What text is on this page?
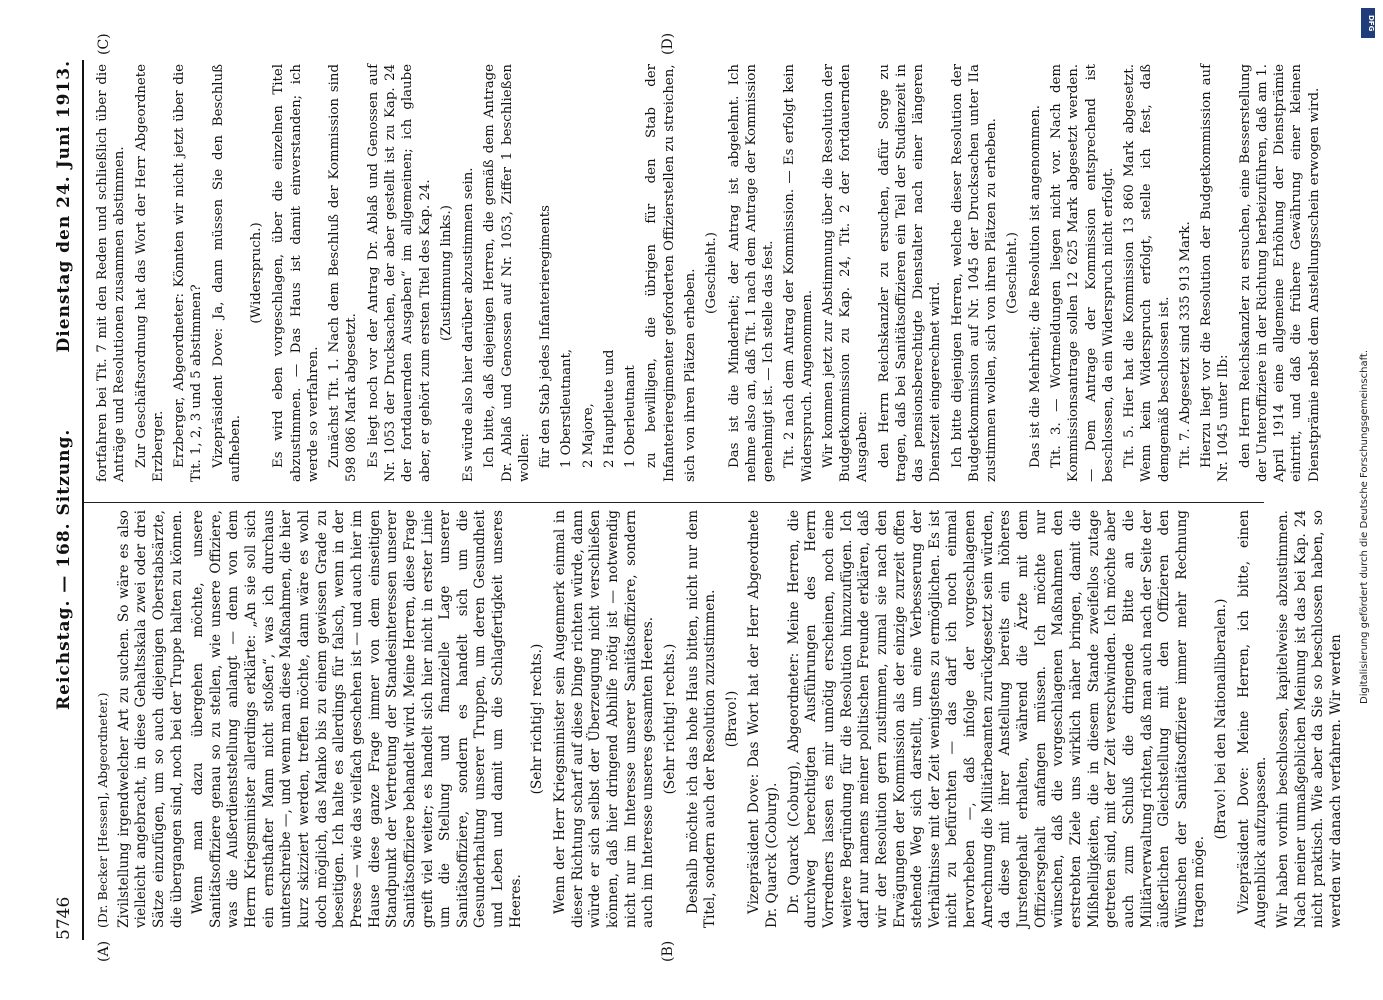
5746
Reichstag. — 168. Sitzung.
Dienstag den 24. Juni 1913.
(A)	(B)
(C)	(D)

(Dr. Becker [Hessen], Abgeordneter.) Zivilstellung irgendwelcher Art zu suchen. So wäre es also vielleicht angebracht, in diese Gehaltsskala zwei oder drei Sätze einzufügen, um so auch diejenigen Oberstabsärzte, die übergangen sind, noch bei der Truppe halten zu können. Wenn man dazu übergehen möchte, unsere Sanitätsoffiziere genau so zu stellen, wie unsere Offiziere, was die Außerdienststellung anlangt — denn von dem Herrn Kriegsminister allerdings erklärte: „An sie soll sich ein ernsthafter Mann nicht stoßen“, was ich durchaus unterschreibe —, und wenn man diese Maßnahmen, die hier kurz skizziert werden, treffen möchte, dann wäre es wohl doch möglich, das Manko bis zu einem gewissen Grade zu beseitigen. Ich halte es allerdings für falsch, wenn in der Presse — wie das vielfach geschehen ist — und auch hier im Hause diese ganze Frage immer von dem einseitigen Standpunkt der Vertretung der Standesinteressen unserer Sanitätsoffiziere behandelt wird. Meine Herren, diese Frage greift viel weiter; es handelt sich hier nicht in erster Linie um die Stellung und finanzielle Lage unserer Sanitätsoffiziere, sondern es handelt sich um die Gesunderhaltung unserer Truppen, um deren Gesundheit und Leben und damit um die Schlagfertigkeit unseres Heeres.

(Sehr richtig! rechts.) Wenn der Herr Kriegsminister sein Augenmerk einmal in dieser Richtung scharf auf diese Dinge richten würde, dann würde er sich selbst der Überzeugung nicht verschließen können, daß hier dringend Abhilfe nötig ist — notwendig nicht nur im Interesse unserer Sanitätsoffiziere, sondern auch im Interesse unseres gesamten Heeres. (Sehr richtig! rechts.) Deshalb möchte ich das hohe Haus bitten, nicht nur dem Titel, sondern auch der Resolution zuzustimmen. (Bravo!) Vizepräsident Dove: Das Wort hat der Herr Abgeordnete Dr. Quarck (Coburg). Dr. Quarck (Coburg), Abgeordneter: Meine Herren, die durchweg berechtigten Ausführungen des Herrn Vorredners lassen es mir unnötig erscheinen, noch eine weitere Begründung für die Resolution hinzuzufügen. Ich darf nur namens meiner politischen Freunde erklären, daß wir der Resolution gern zustimmen, zumal sie nach den Erwägungen der Kommission als der einzige zurzeit offen stehende Weg sich darstellt, um eine Verbesserung der Verhältnisse mit der Zeit wenigstens zu ermöglichen. Es ist nicht zu befürchten — das darf ich noch einmal hervorheben —, daß infolge der vorgeschlagenen Anrechnung die Militärbeamten zurückgesetzt sein würden, da diese mit ihrer Anstellung bereits ein höheres Jurstengehalt erhalten, während die Ärzte mit dem Offiziersgehalt anfangen müssen. Ich möchte nur wünschen, daß die vorgeschlagenen Maßnahmen den erstrebten Ziele uns wirklich näher bringen, damit die Mißhelligkeiten, die in diesem Stande zweifellos zutage getreten sind, mit der Zeit verschwinden. Ich möchte aber auch zum Schluß die dringende Bitte an die Militärverwaltung richten, daß man auch nach der Seite der äußerlichen Gleichstellung mit den Offizieren den Wünschen der Sanitätsoffiziere immer mehr Rechnung tragen möge.

(Bravo! bei den Nationalliberalen.) Vizepräsident Dove: Meine Herren, ich bitte, einen Augenblick aufzupassen. Wir haben vorhin beschlossen, kapitelweise abzustimmen. Nach meiner unmaßgeblichen Meinung ist das bei Kap. 24 nicht praktisch. Wie aber da Sie so beschlossen haben, so werden wir danach verfahren. Wir werden

fortfahren bei Tit. 7 mit den Reden und schließlich über die Anträge und Resolutionen zusammen abstimmen. Zur Geschäftsordnung hat das Wort der Herr Abgeordnete Erzberger. Erzberger, Abgeordneter: Könnten wir nicht jetzt über die Tit. 1, 2, 3 und 5 abstimmen? Vizepräsident Dove: Ja, dann müssen Sie den Beschluß aufheben.

(Widerspruch.) Es wird eben vorgeschlagen, über die einzelnen Titel abzustimmen. — Das Haus ist damit einverstanden; ich werde so verfahren. Zunächst Tit. 1. Nach dem Beschluß der Kommission sind 598 086 Mark abgesetzt. Es liegt noch vor der Antrag Dr. Ablaß und Genossen auf Nr. 1053 der Drucksachen, der aber gestellt ist zu Kap. 24 der fortdauernden Ausgaben“ im allgemeinen; ich glaube aber, er gehört zum ersten Titel des Kap. 24. (Zustimmung links.) Es würde also hier darüber abzustimmen sein. Ich bitte, daß diejenigen Herren, die gemäß dem Antrage Dr. Ablaß und Genossen auf Nr. 1053, Ziffer 1 beschließen wollen: für den Stab jedes Infanterieregiments 1 Oberstleutnant, 2 Majore, 2 Hauptleute und 1 Oberleutnant zu bewilligen, die übrigen für den Stab der Infanterieregimenter geforderten Offizierstellen zu streichen, sich von ihren Plätzen erheben. (Geschieht.) Das ist die Minderheit; der Antrag ist abgelehnt. Ich nehme also an, daß Tit. 1 nach dem Antrage der Kommission genehmigt ist. — Ich stelle das fest. Tit. 2 nach dem Antrag der Kommission. — Es erfolgt kein Widerspruch. Angenommen. Wir kommen jetzt zur Abstimmung über die Resolution der Budgetkommission zu Kap. 24, Tit. 2 der fortdauernden Ausgaben: den Herrn Reichskanzler zu ersuchen, dafür Sorge zu tragen, daß bei Sanitätsoffizieren ein Teil der Studienzeit in das pensionsberechtigte Dienstalter nach einer längeren Dienstzeit eingerechnet wird. Ich bitte diejenigen Herren, welche dieser Resolution der Budgetkommission auf Nr. 1045 der Drucksachen unter IIa zustimmen wollen, sich von ihren Plätzen zu erheben. (Geschieht.) Das ist die Mehrheit; die Resolution ist angenommen. Tit. 3. — Wortmeldungen liegen nicht vor. Nach dem Kommissionsantrage sollen 12 625 Mark abgesetzt werden. — Dem Antrage der Kommission entsprechend ist beschlossen, da ein Widerspruch nicht erfolgt. Tit. 5. Hier hat die Kommission 13 860 Mark abgesetzt. Wenn kein Widerspruch erfolgt, stelle ich fest, daß demgemäß beschlossen ist. Tit. 7. Abgesetzt sind 335 913 Mark. Hierzu liegt vor die Resolution der Budgetkommission auf Nr. 1045 unter IIb: den Herrn Reichskanzler zu ersuchen, eine Besserstellung der Unteroffiziere in der Richtung herbeizuführen, daß am 1. April 1914 eine allgemeine Erhöhung der Dienstprämie eintritt, und daß die frühere Gewährung einer kleinen Dienstprämie nebst dem Anstellungsschein erwogen wird.

DFG
Digitalisierung gefördert durch die Deutsche Forschungsgemeinschaft.
